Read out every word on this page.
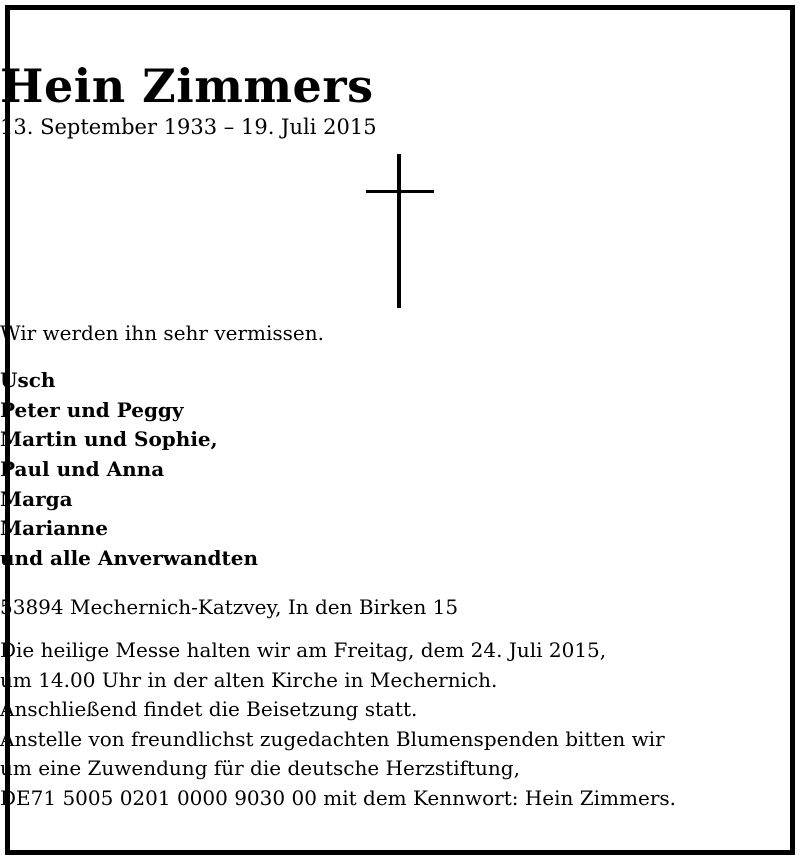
Hein Zimmers
13. September 1933 – 19. Juli 2015
Wir werden ihn sehr vermissen.
Usch
Peter und Peggy
Martin und Sophie,
Paul und Anna
Marga
Marianne
und alle Anverwandten
53894 Mechernich-Katzvey, In den Birken 15
Die heilige Messe halten wir am Freitag, dem 24. Juli 2015,
um 14.00 Uhr in der alten Kirche in Mechernich.
Anschließend findet die Beisetzung statt.
Anstelle von freundlichst zugedachten Blumenspenden bitten wir
um eine Zuwendung für die deutsche Herzstiftung,
DE71 5005 0201 0000 9030 00 mit dem Kennwort: Hein Zimmers.
